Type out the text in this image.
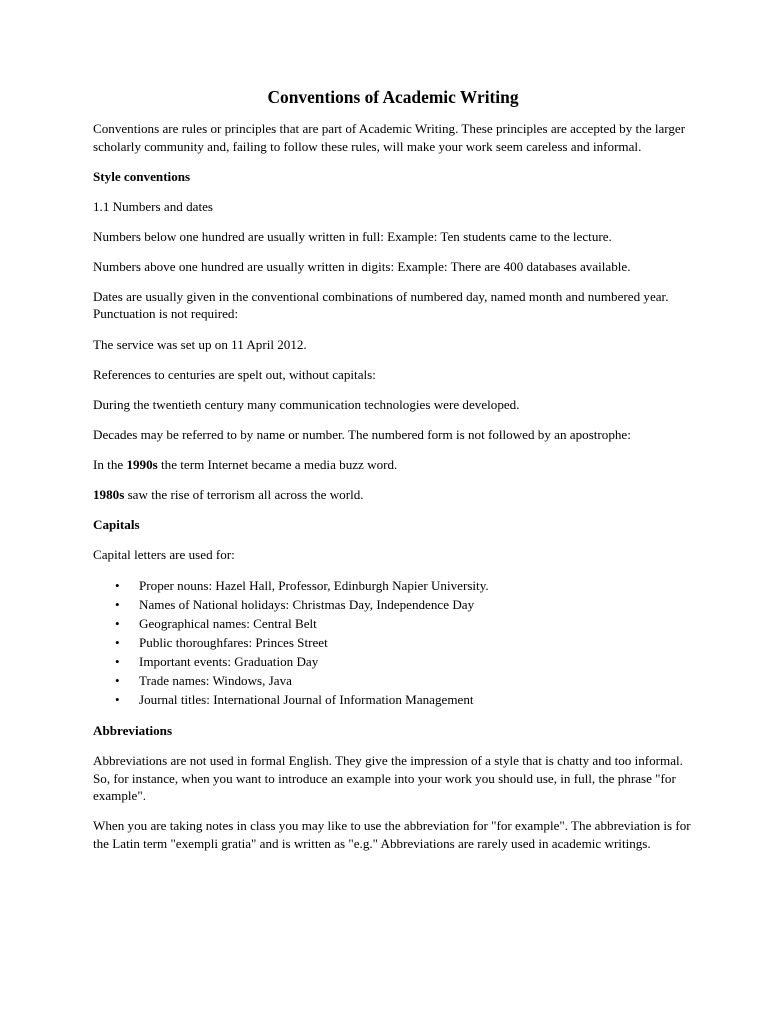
Conventions of Academic Writing

Conventions are rules or principles that are part of Academic Writing. These principles are accepted by the larger scholarly community and, failing to follow these rules, will make your work seem careless and informal.

Style conventions

1.1 Numbers and dates

Numbers below one hundred are usually written in full: Example: Ten students came to the lecture.

Numbers above one hundred are usually written in digits: Example: There are 400 databases available.

Dates are usually given in the conventional combinations of numbered day, named month and numbered year. Punctuation is not required:

The service was set up on 11 April 2012.

References to centuries are spelt out, without capitals:

During the twentieth century many communication technologies were developed.

Decades may be referred to by name or number. The numbered form is not followed by an apostrophe:

In the 1990s the term Internet became a media buzz word.

1980s saw the rise of terrorism all across the world.

Capitals

Capital letters are used for:

• Proper nouns: Hazel Hall, Professor, Edinburgh Napier University.
• Names of National holidays: Christmas Day, Independence Day
• Geographical names: Central Belt
• Public thoroughfares: Princes Street
• Important events: Graduation Day
• Trade names: Windows, Java
• Journal titles: International Journal of Information Management

Abbreviations

Abbreviations are not used in formal English. They give the impression of a style that is chatty and too informal. So, for instance, when you want to introduce an example into your work you should use, in full, the phrase "for example".

When you are taking notes in class you may like to use the abbreviation for "for example". The abbreviation is for the Latin term "exempli gratia" and is written as "e.g." Abbreviations are rarely used in academic writings.
